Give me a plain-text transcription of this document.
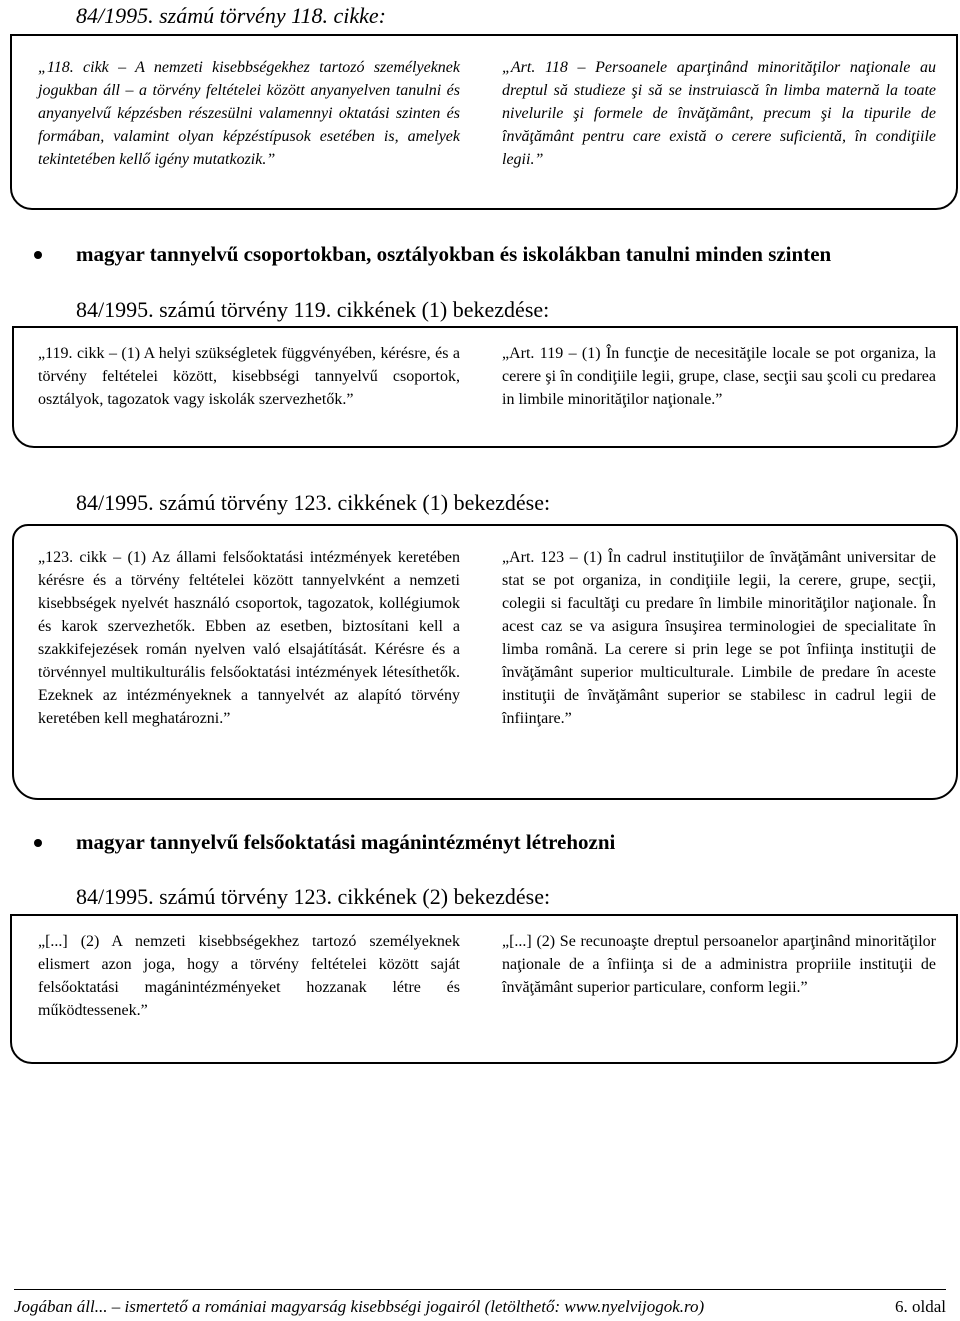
84/1995. számú törvény 118. cikke:
„118. cikk – A nemzeti kisebbségekhez tartozó személyeknek jogukban áll – a törvény feltételei között anyanyelven tanulni és anyanyelvű képzésben részesülni valamennyi oktatási szinten és formában, valamint olyan képzéstípusok esetében is, amelyek tekintetében kellő igény mutatkozik.”
„Art. 118 – Persoanele aparţinând minorităţilor naţionale au dreptul să studieze şi să se instruiască în limba maternă la toate nivelurile şi formele de învăţământ, precum şi la tipurile de învăţământ pentru care există o cerere suficientă, în condiţiile legii.”
magyar tannyelvű csoportokban, osztályokban és iskolákban tanulni minden szinten
84/1995. számú törvény 119. cikkének (1) bekezdése:
„119. cikk – (1) A helyi szükségletek függvényében, kérésre, és a törvény feltételei között, kisebbségi tannyelvű csoportok, osztályok, tagozatok vagy iskolák szervezhetők.”
„Art. 119 – (1) În funcţie de necesităţile locale se pot organiza, la cerere şi în condiţiile legii, grupe, clase, secţii sau şcoli cu predarea in limbile minorităţilor naţionale.”
84/1995. számú törvény 123. cikkének (1) bekezdése:
„123. cikk – (1) Az állami felsőoktatási intézmények keretében kérésre és a törvény feltételei között tannyelvként a nemzeti kisebbségek nyelvét használó csoportok, tagozatok, kollégiumok és karok szervezhetők. Ebben az esetben, biztosítani kell a szakkifejezések román nyelven való elsajátítását. Kérésre és a törvénnyel multikulturális felsőoktatási intézmények létesíthetők. Ezeknek az intézményeknek a tannyelvét az alapító törvény keretében kell meghatározni.”
„Art. 123 – (1) În cadrul instituţiilor de învăţământ universitar de stat se pot organiza, in condiţiile legii, la cerere, grupe, secţii, colegii si facultăţi cu predare în limbile minorităţilor naţionale. În acest caz se va asigura însuşirea terminologiei de specialitate în limba română. La cerere si prin lege se pot înfiinţa instituţii de învăţământ superior multiculturale. Limbile de predare în aceste instituţii de învăţământ superior se stabilesc in cadrul legii de înfiinţare.”
magyar tannyelvű felsőoktatási magánintézményt létrehozni
84/1995. számú törvény 123. cikkének (2) bekezdése:
„[...] (2) A nemzeti kisebbségekhez tartozó személyeknek elismert azon joga, hogy a törvény feltételei között saját felsőoktatási magánintézményeket hozzanak létre és működtessenek.”
„[...] (2) Se recunoaşte dreptul persoanelor aparţinând minorităţilor naţionale de a înfiinţa si de a administra propriile instituţii de învăţământ superior particulare, conform legii.”
Jogában áll... – ismertető a romániai magyarság kisebbségi jogairól (letölthető: www.nyelvijogok.ro)	6. oldal
